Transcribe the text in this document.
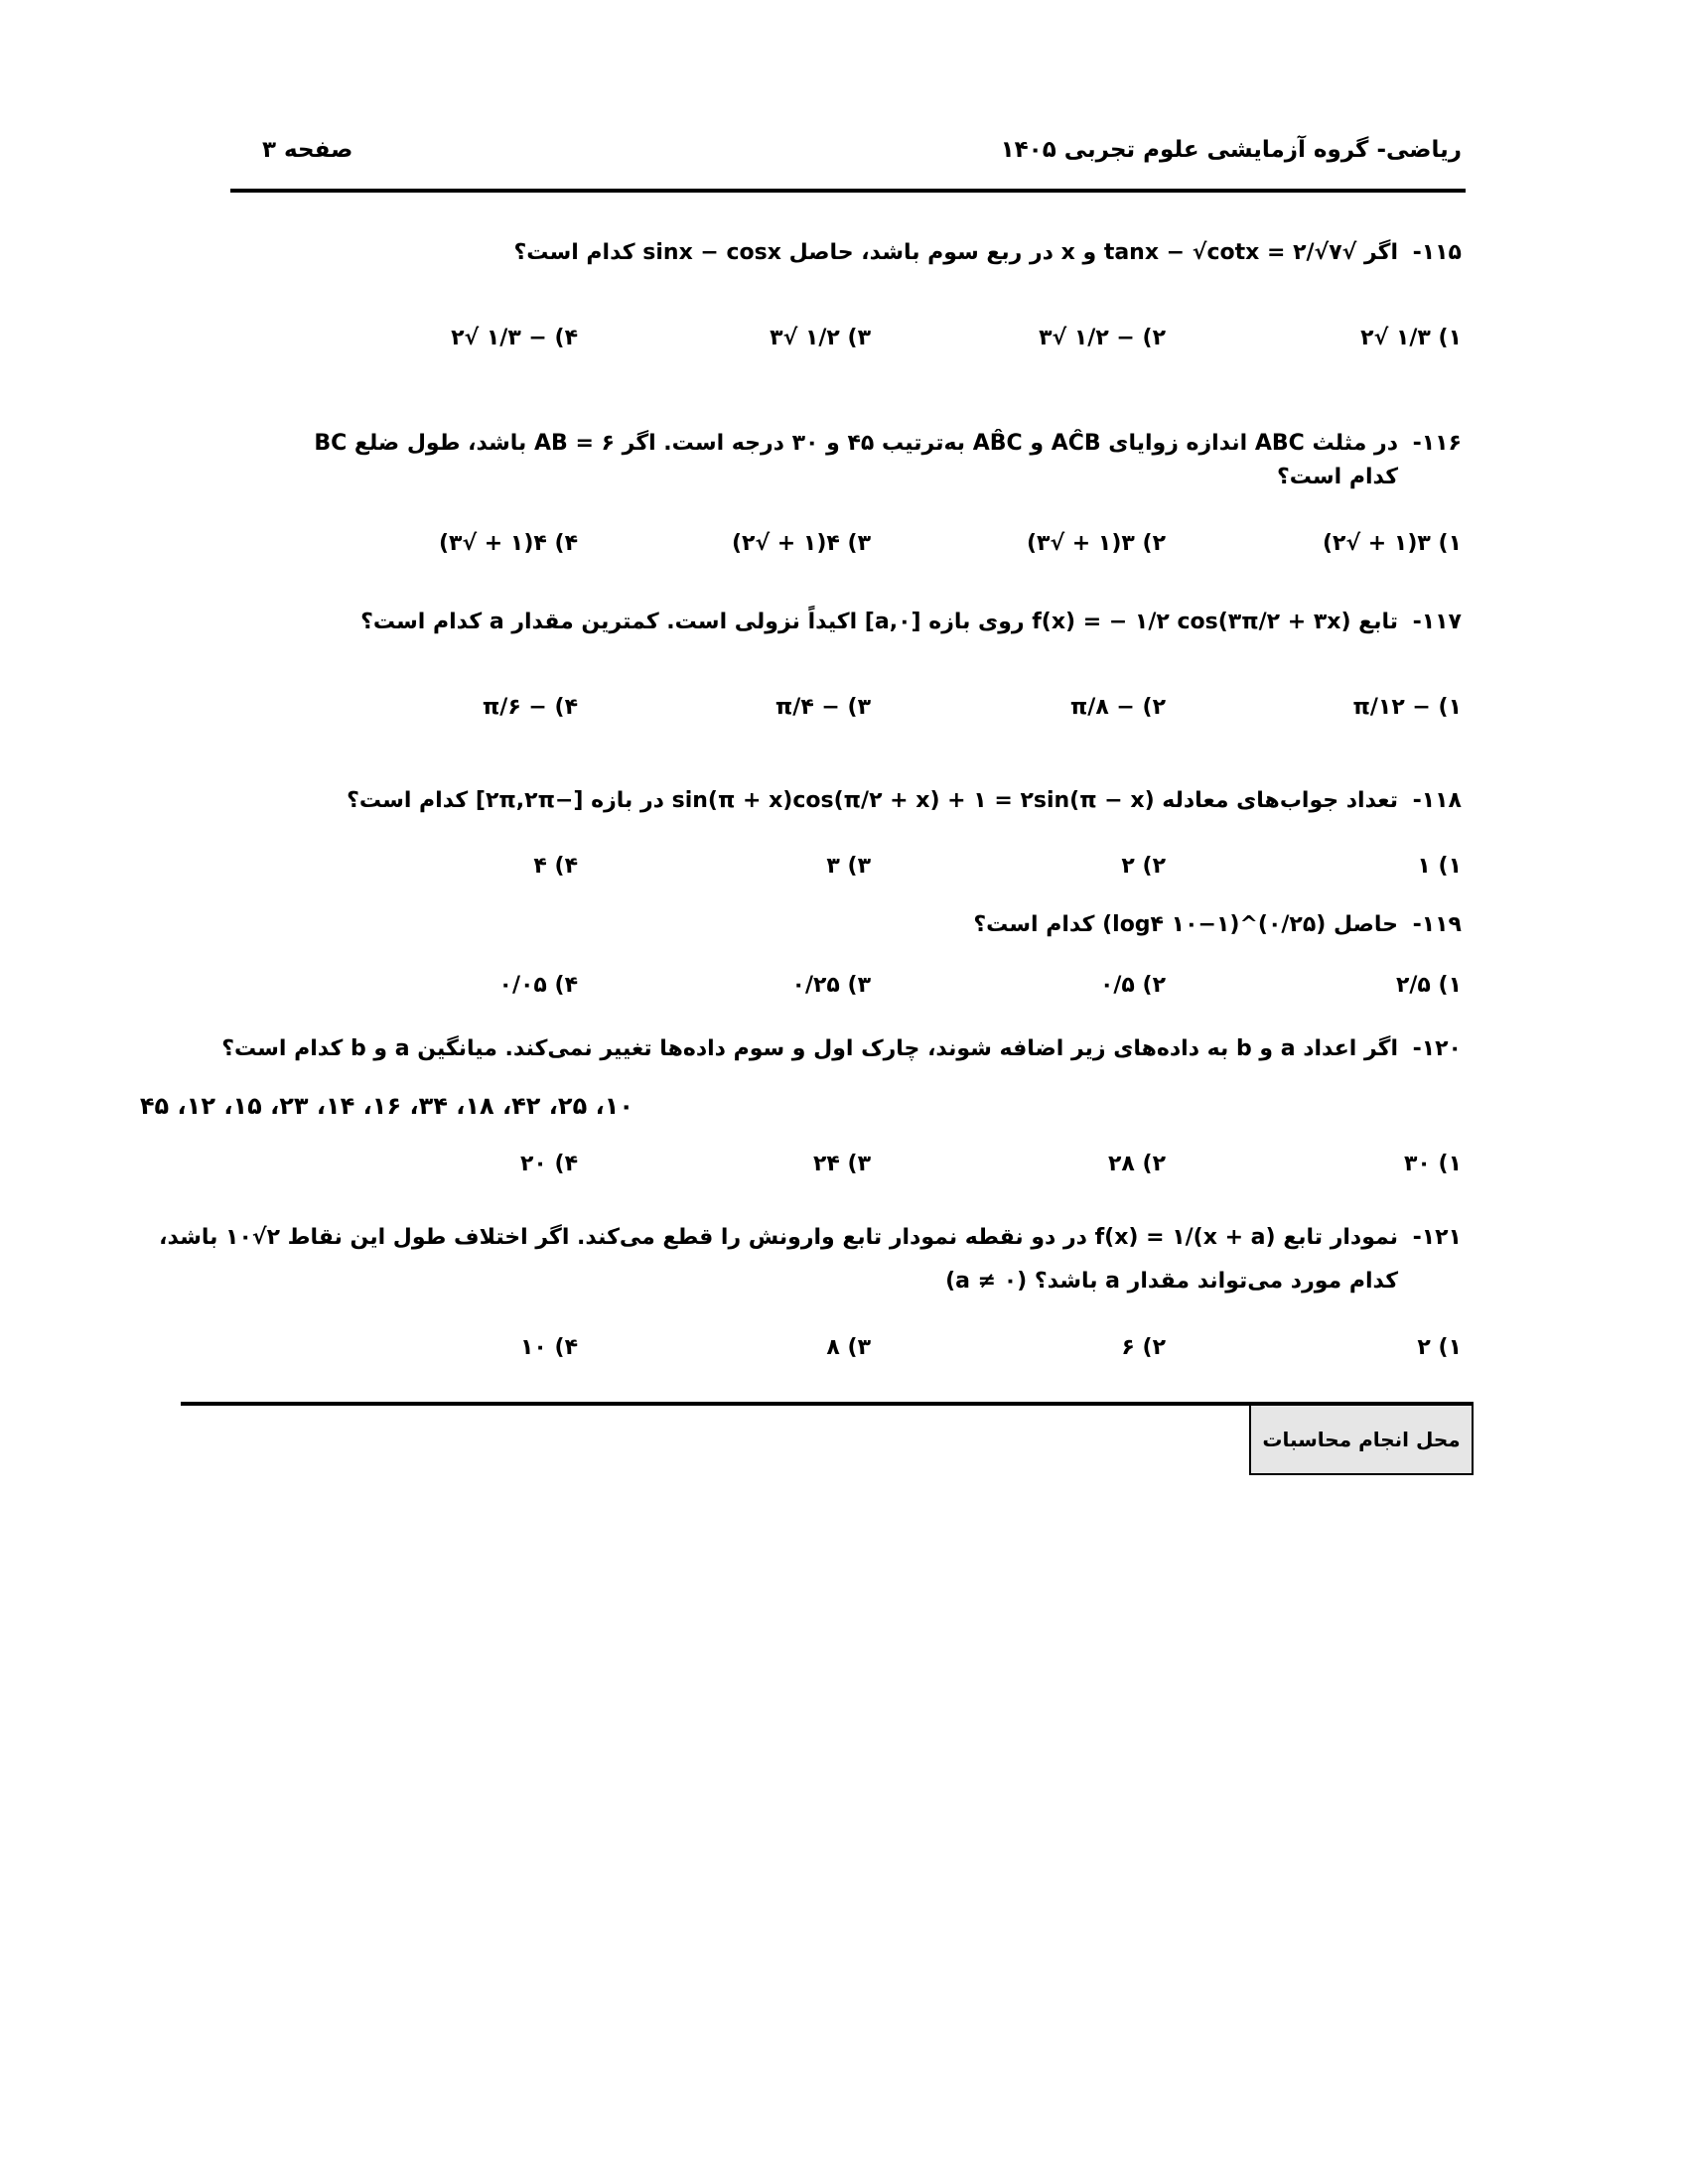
ریاضی- گروه آزمایشی علوم تجربی ۱۴۰۵
صفحه ۳
۱۱۵-اگر √tanx − √cotx = ۲/√۷ و x در ربع سوم باشد، حاصل sinx − cosx کدام است؟
۱) ۱/۳ √۲
۲) − ۱/۲ √۳
۳) ۱/۲ √۳
۴) − ۱/۳ √۲
۱۱۶-در مثلث ABC اندازه زوایای AĈB و AB̂C به‌ترتیب ۴۵ و ۳۰ درجه است. اگر AB = ۶ باشد، طول ضلع BC
کدام است؟
۱) ۳(۱ + √۲)
۲) ۳(۱ + √۳)
۳) ۴(۱ + √۲)
۴) ۴(۱ + √۳)
۱۱۷-تابع f(x) = − ۱/۲ cos(۳π/۲ + ۳x) روی بازه [a,۰] اکیداً نزولی است. کمترین مقدار a کدام است؟
۱) − π/۱۲
۲) − π/۸
۳) − π/۴
۴) − π/۶
۱۱۸-تعداد جواب‌های معادله sin(π + x)cos(π/۲ + x) + ۱ = ۲sin(π − x) در بازه [−۲π,۲π] کدام است؟
۱) ۱
۲) ۲
۳) ۳
۴) ۴
۱۱۹-حاصل (۰/۲۵)^(۱−log۴ ۱۰) کدام است؟
۱) ۲/۵
۲) ۰/۵
۳) ۰/۲۵
۴) ۰/۰۵
۱۲۰-اگر اعداد a و b به داده‌های زیر اضافه شوند، چارک اول و سوم داده‌ها تغییر نمی‌کند. میانگین a و b کدام است؟
۱۰، ۲۵، ۴۲، ۱۸، ۳۴، ۱۶، ۱۴، ۲۳، ۱۵، ۱۲، ۴۵
۱) ۳۰
۲) ۲۸
۳) ۲۴
۴) ۲۰
۱۲۱-نمودار تابع f(x) = ۱/(x + a) در دو نقطه نمودار تابع وارونش را قطع می‌کند. اگر اختلاف طول این نقاط ۲√۱۰ باشد،
کدام مورد می‌تواند مقدار a باشد؟ (a ≠ ۰)
۱) ۲
۲) ۶
۳) ۸
۴) ۱۰
محل انجام محاسبات
